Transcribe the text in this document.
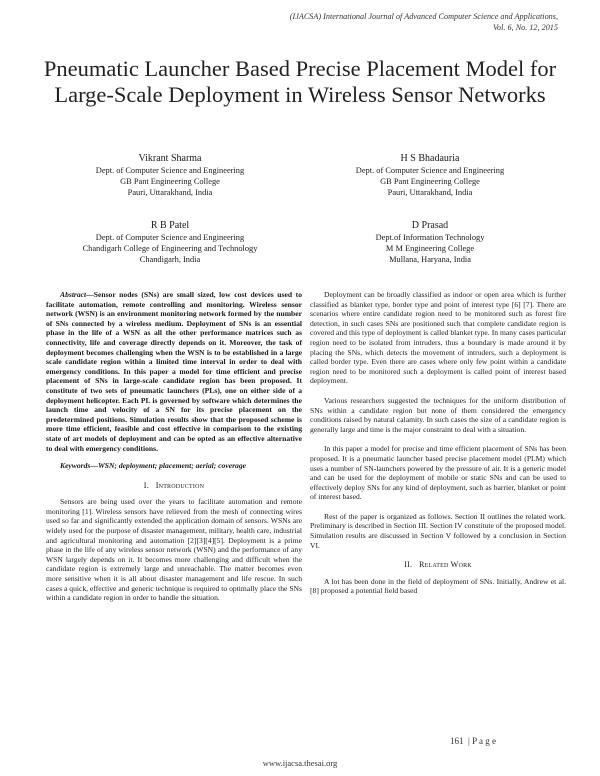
(IJACSA) International Journal of Advanced Computer Science and Applications,
Vol. 6, No. 12, 2015
Pneumatic Launcher Based Precise Placement Model for Large-Scale Deployment in Wireless Sensor Networks
Vikrant Sharma
Dept. of Computer Science and Engineering
GB Pant Engineering College
Pauri, Uttarakhand, India
H S Bhadauria
Dept. of Computer Science and Engineering
GB Pant Engineering College
Pauri, Uttarakhand, India
R B Patel
Dept. of Computer Science and Engineering
Chandigarh College of Engineering and Technology
Chandigarh, India
D Prasad
Dept.of Information Technology
M M Engineering College
Mullana, Haryana, India

Abstract—Sensor nodes (SNs) are small sized, low cost devices used to facilitate automation, remote controlling and monitoring. Wireless sensor network (WSN) is an environment monitoring network formed by the number of SNs connected by a wireless medium. Deployment of SNs is an essential phase in the life of a WSN as all the other performance matrices such as connectivity, life and coverage directly depends on it. Moreover, the task of deployment becomes challenging when the WSN is to be established in a large scale candidate region within a limited time interval in order to deal with emergency conditions. In this paper a model for time efficient and precise placement of SNs in large-scale candidate region has been proposed. It constitute of two sets of pneumatic launchers (PLs), one on either side of a deployment helicopter. Each PL is governed by software which determines the launch time and velocity of a SN for its precise placement on the predetermined positions. Simulation results show that the proposed scheme is more time efficient, feasible and cost effective in comparison to the existing state of art models of deployment and can be opted as an effective alternative to deal with emergency conditions.

Keywords—WSN; deployment; placement; aerial; coverage

I. Introduction

Sensors are being used over the years to facilitate automation and remote monitoring [1]. Wireless sensors have relieved from the mesh of connecting wires used so far and significantly extended the application domain of sensors. WSNs are widely used for the purpose of disaster management, military, health care, industrial and agricultural monitoring and automation [2][3][4][5]. Deployment is a prime phase in the life of any wireless sensor network (WSN) and the performance of any WSN largely depends on it. It becomes more challenging and difficult when the candidate region is extremely large and unreachable. The matter becomes even more sensitive when it is all about disaster management and life rescue. In such cases a quick, effective and generic technique is required to optimally place the SNs within a candidate region in order to handle the situation.

Deployment can be broadly classified as indoor or open area which is further classified as blanket type, border type and point of interest type [6] [7]. There are scenarios where entire candidate region need to be monitored such as forest fire detection, in such cases SNs are positioned such that complete candidate region is covered and this type of deployment is called blanket type. In many cases particular region need to be isolated from intruders, thus a boundary is made around it by placing the SNs, which detects the movement of intruders, such a deployment is called border type. Even there are cases where only few point within a candidate region need to be monitored such a deployment is called point of interest based deployment.

Various researchers suggested the techniques for the uniform distribution of SNs within a candidate region but none of them considered the emergency conditions raised by natural calamity. In such cases the size of a candidate region is generally large and time is the major constraint to deal with a situation.

In this paper a model for precise and time efficient placement of SNs has been proposed. It is a pneumatic launcher based precise placement model (PLM) which uses a number of SN-launchers powered by the pressure of air. It is a generic model and can be used for the deployment of mobile or static SNs and can be used to effectively deploy SNs for any kind of deployment, such as barrier, blanket or point of interest based.

Rest of the paper is organized as follows. Section II outlines the related work. Preliminary is described in Section III. Section IV constitute of the proposed model. Simulation results are discussed in Section V followed by a conclusion in Section VI.

II. Related Work

A lot has been done in the field of deployment of SNs. Initially, Andrew et al. [8] proposed a potential field based

161  | P a g e
www.ijacsa.thesai.org
